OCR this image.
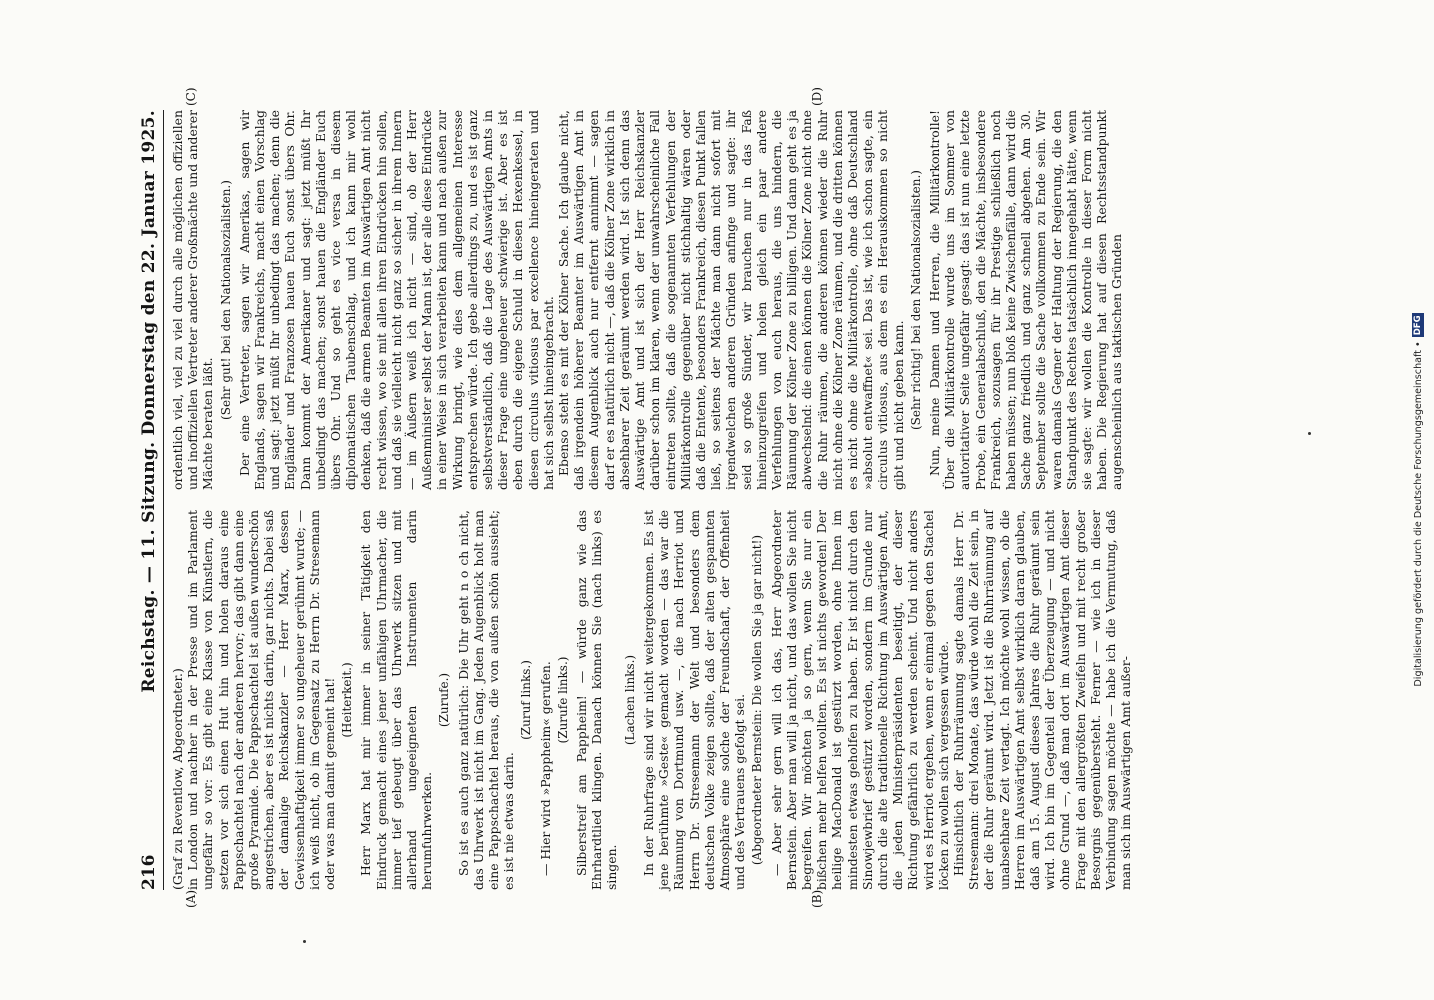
216
Reichstag. — 11. Sitzung. Donnerstag den 22. Januar 1925.
(A)	(B)
(C)	(D)

(Graf zu Reventlow, Abgeordneter.) in London und nachher in der Presse und im Parlament ungefähr so vor: Es gibt eine Klasse von Künstlern, die setzen vor sich einen Hut hin und holen daraus eine Pappschachtel nach der anderen hervor; das gibt dann eine große Pyramide. Die Pappschachtel ist außen wunderschön angestrichen, aber es ist nichts darin, gar nichts. Dabei saß der damalige Reichskanzler — Herr Marx, dessen Gewissenhaftigkeit immer so ungeheuer gerühmt wurde; — ich weiß nicht, ob im Gegensatz zu Herrn Dr. Stresemann oder was man damit gemeint hat! (Heiterkeit.) Herr Marx hat mir immer in seiner Tätigkeit den Eindruck gemacht eines jener unfähigen Uhrmacher, die immer tief gebeugt über das Uhrwerk sitzen und mit allerhand ungeeigneten Instrumenten darin herumfuhrwerken.

(Zurufe.) So ist es auch ganz natürlich: Die Uhr geht n o ch nicht, das Uhrwerk ist nicht im Gang. Jeden Augenblick holt man eine Pappschachtel heraus, die von außen schön aussieht; es ist nie etwas darin.

(Zuruf links.) — Hier wird »Pappheim« gerufen. (Zurufe links.) Silberstreif am Pappheim! — würde ganz wie das Ehrhardtlied klingen. Danach können Sie (nach links) es singen.

(Lachen links.) In der Ruhrfrage sind wir nicht weitergekommen. Es ist jene berühmte »Geste« gemacht worden — das war die Räumung von Dortmund usw. —, die nach Herriot und Herrn Dr. Stresemann der Welt und besonders dem deutschen Volke zeigen sollte, daß der alten gespannten Atmosphäre eine solche der Freundschaft, der Offenheit und des Vertrauens gefolgt sei. (Abgeordneter Bernstein: Die wollen Sie ja gar nicht!) — Aber sehr gern will ich das, Herr Abgeordneter Bernstein. Aber man will ja nicht, und das wollen Sie nicht begreifen. Wir möchten ja so gern, wenn Sie nur ein bißchen mehr helfen wollten. Es ist nichts geworden! Der heilige MacDonald ist gestürzt worden, ohne Ihnen im mindesten etwas geholfen zu haben. Er ist nicht durch den Sinowjewbrief gestürzt worden, sondern im Grunde nur durch die alte traditionelle Richtung im Auswärtigen Amt, die jeden Ministerpräsidenten beseitigt, der dieser Richtung gefährlich zu werden scheint. Und nicht anders wird es Herriot ergehen, wenn er einmal gegen den Stachel löcken zu wollen sich vergessen würde. Hinsichtlich der Ruhrräumung sagte damals Herr Dr. Stresemann: drei Monate, das würde wohl die Zeit sein, in der die Ruhr geräumt wird. Jetzt ist die Ruhrräumung auf unabsehbare Zeit vertagt. Ich möchte wohl wissen, ob die Herren im Auswärtigen Amt selbst wirklich daran glauben, daß am 15. August dieses Jahres die Ruhr geräumt sein wird. Ich bin im Gegenteil der Überzeugung — und nicht ohne Grund —, daß man dort im Auswärtigen Amt dieser Frage mit den allergrößten Zweifeln und mit recht großer Besorgnis gegenübersteht. Ferner — wie ich in dieser Verbindung sagen möchte — habe ich die Vermutung, daß man sich im Auswärtigen Amt außer-

ordentlich viel, viel zu viel durch alle möglichen offiziellen und inoffiziellen Vertreter anderer Großmächte und anderer Mächte beraten läßt.

(Sehr gut! bei den Nationalsozialisten.) Der eine Vertreter, sagen wir Amerikas, sagen wir Englands, sagen wir Frankreichs, macht einen Vorschlag und sagt: jetzt müßt Ihr unbedingt das machen; denn die Engländer und Franzosen hauen Euch sonst übers Ohr. Dann kommt der Amerikaner und sagt: jetzt müßt Ihr unbedingt das machen; sonst hauen die Engländer Euch übers Ohr. Und so geht es vice versa in diesem diplomatischen Taubenschlag, und ich kann mir wohl denken, daß die armen Beamten im Auswärtigen Amt nicht recht wissen, wo sie mit allen ihren Eindrücken hin sollen, und daß sie vielleicht nicht ganz so sicher in ihrem Innern — im Äußern weiß ich nicht — sind, ob der Herr Außenminister selbst der Mann ist, der alle diese Eindrücke in einer Weise in sich verarbeiten kann und nach außen zur Wirkung bringt, wie dies dem allgemeinen Interesse entsprechen würde. Ich gebe allerdings zu, und es ist ganz selbstverständlich, daß die Lage des Auswärtigen Amts in dieser Frage eine ungeheuer schwierige ist. Aber es ist eben durch die eigene Schuld in diesen Hexenkessel, in diesen circulus vitiosus par excellence hineingeraten und hat sich selbst hineingebracht. Ebenso steht es mit der Kölner Sache. Ich glaube nicht, daß irgendein höherer Beamter im Auswärtigen Amt in diesem Augenblick auch nur entfernt annimmt — sagen darf er es natürlich nicht —, daß die Kölner Zone wirklich in absehbarer Zeit geräumt werden wird. Ist sich denn das Auswärtige Amt und ist sich der Herr Reichskanzler darüber schon im klaren, wenn der unwahrscheinliche Fall eintreten sollte, daß die sogenannten Verfehlungen der Militärkontrolle gegenüber nicht stichhaltig wären oder daß die Entente, besonders Frankreich, diesen Punkt fallen ließ, so seitens der Mächte man dann nicht sofort mit irgendwelchen anderen Gründen anfinge und sagte: ihr seid so große Sünder, wir brauchen nur in das Faß hineinzugreifen und holen gleich ein paar andere Verfehlungen von euch heraus, die uns hindern, die Räumung der Kölner Zone zu billigen. Und dann geht es ja abwechselnd: die einen können die Kölner Zone nicht ohne die Ruhr räumen, die anderen können wieder die Ruhr nicht ohne die Kölner Zone räumen, und die dritten können es nicht ohne die Militärkontrolle, ohne daß Deutschland »absolut entwaffnet« sei. Das ist, wie ich schon sagte, ein circulus vitiosus, aus dem es ein Herauskommen so nicht gibt und nicht geben kann. (Sehr richtig! bei den Nationalsozialisten.) Nun, meine Damen und Herren, die Militärkontrolle! Über die Militärkontrolle wurde uns im Sommer von autoritativer Seite ungefähr gesagt: das ist nun eine letzte Probe, ein Generalabschluß, den die Mächte, insbesondere Frankreich, sozusagen für ihr Prestige schließlich noch haben müssen; nun bloß keine Zwischenfälle, dann wird die Sache ganz friedlich und ganz schnell abgehen. Am 30. September sollte die Sache vollkommen zu Ende sein. Wir waren damals Gegner der Haltung der Regierung, die den Standpunkt des Rechtes tatsächlich innegehabt hätte, wenn sie sagte: wir wollen die Kontrolle in dieser Form nicht haben. Die Regierung hat auf diesen Rechtsstandpunkt augenscheinlich aus taktischen Gründen	Digitalisierung gefördert durch die Deutsche Forschungsgemeinschaft •
DFG
